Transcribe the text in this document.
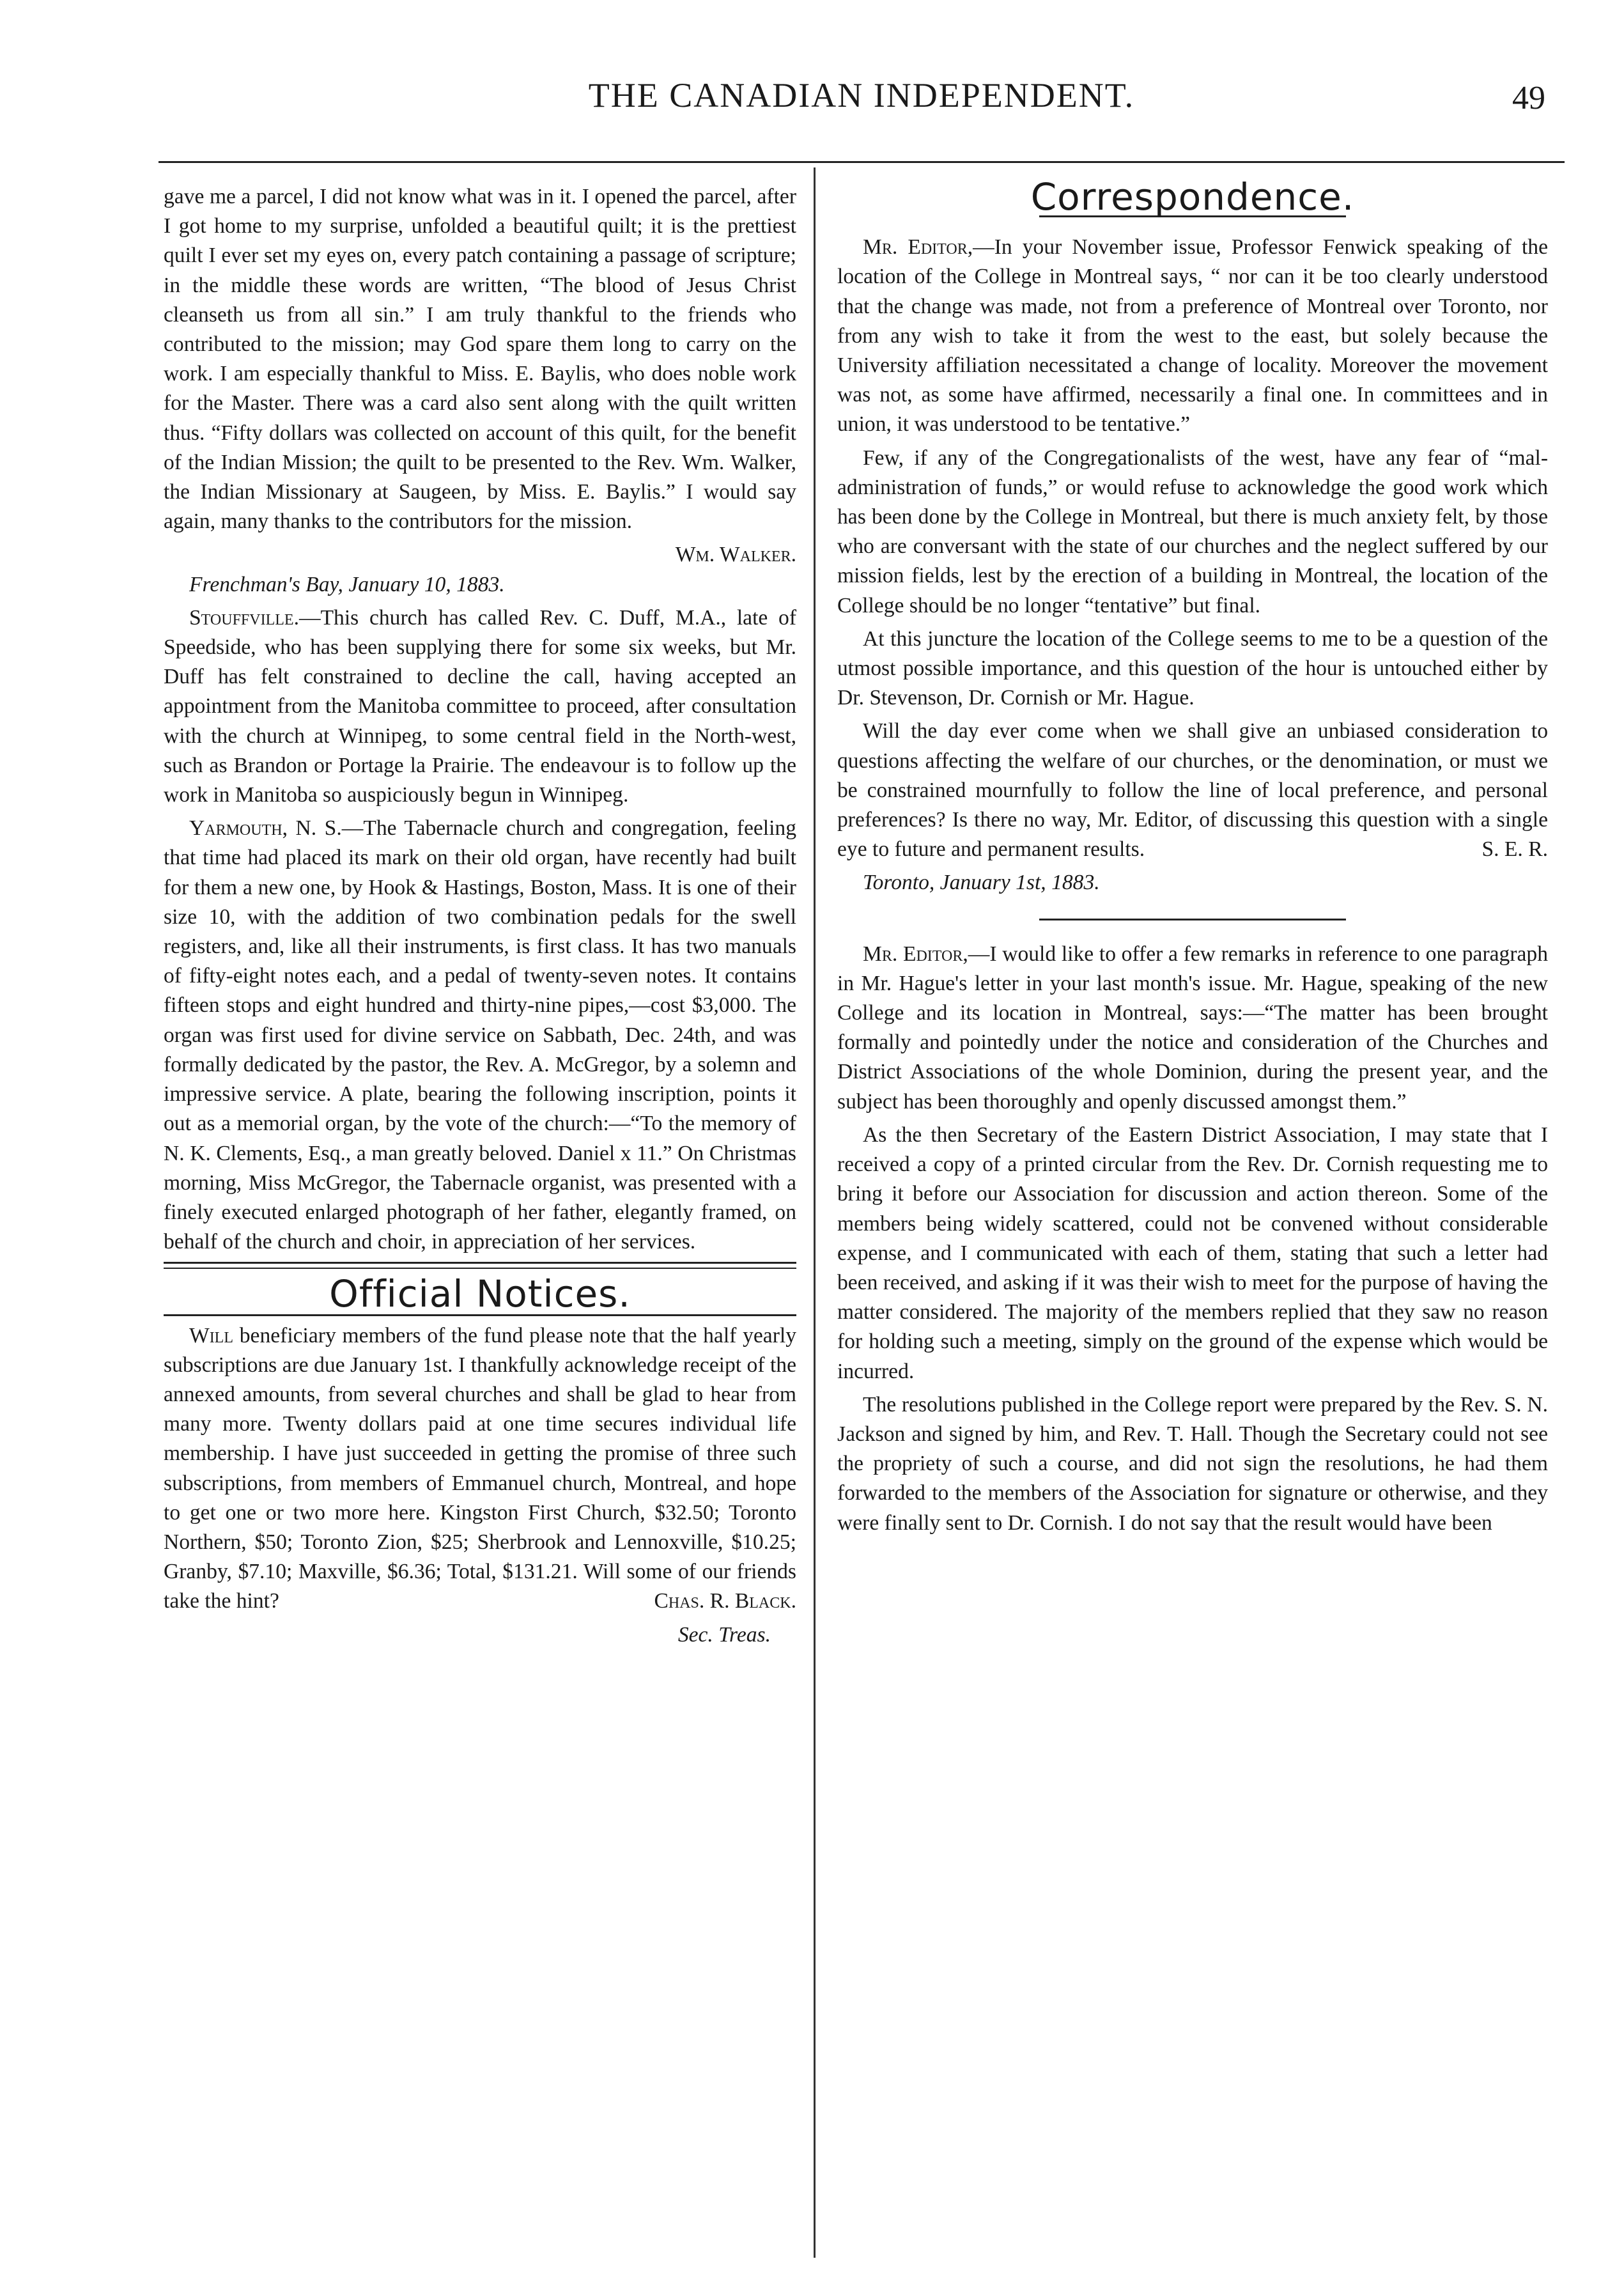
THE CANADIAN INDEPENDENT.	49

gave me a parcel, I did not know what was in it. I opened the parcel, after I got home to my surprise, unfolded a beautiful quilt; it is the prettiest quilt I ever set my eyes on, every patch containing a passage of scripture; in the middle these words are written, “The blood of Jesus Christ cleanseth us from all sin.” I am truly thankful to the friends who contributed to the mission; may God spare them long to carry on the work. I am especially thankful to Miss. E. Baylis, who does noble work for the Master. There was a card also sent along with the quilt written thus. “Fifty dollars was collected on account of this quilt, for the benefit of the Indian Mission; the quilt to be presented to the Rev. Wm. Walker, the Indian Missionary at Saugeen, by Miss. E. Baylis.” I would say again, many thanks to the contributors for the mission.

Wm. Walker.

Frenchman's Bay, January 10, 1883.

Stouffville.—This church has called Rev. C. Duff, M.A., late of Speedside, who has been supplying there for some six weeks, but Mr. Duff has felt constrained to decline the call, having accepted an appointment from the Manitoba committee to proceed, after consultation with the church at Winnipeg, to some central field in the North-west, such as Brandon or Portage la Prairie. The endeavour is to follow up the work in Manitoba so auspiciously begun in Winnipeg.

Yarmouth, N. S.—The Tabernacle church and congregation, feeling that time had placed its mark on their old organ, have recently had built for them a new one, by Hook & Hastings, Boston, Mass. It is one of their size 10, with the addition of two combination pedals for the swell registers, and, like all their instruments, is first class. It has two manuals of fifty-eight notes each, and a pedal of twenty-seven notes. It contains fifteen stops and eight hundred and thirty-nine pipes,—cost $3,000. The organ was first used for divine service on Sabbath, Dec. 24th, and was formally dedicated by the pastor, the Rev. A. McGregor, by a solemn and impressive service. A plate, bearing the following inscription, points it out as a memorial organ, by the vote of the church:—“To the memory of N. K. Clements, Esq., a man greatly beloved. Daniel x 11.” On Christmas morning, Miss McGregor, the Tabernacle organist, was presented with a finely executed enlarged photograph of her father, elegantly framed, on behalf of the church and choir, in appreciation of her services.

Official Notices.

Will beneficiary members of the fund please note that the half yearly subscriptions are due January 1st. I thankfully acknowledge receipt of the annexed amounts, from several churches and shall be glad to hear from many more. Twenty dollars paid at one time secures individual life membership. I have just succeeded in getting the promise of three such subscriptions, from members of Emmanuel church, Montreal, and hope to get one or two more here. Kingston First Church, $32.50; Toronto Northern, $50; Toronto Zion, $25; Sherbrook and Lennoxville, $10.25; Granby, $7.10; Maxville, $6.36; Total, $131.21. Will some of our friends take the hint?	Chas. R. Black.

Sec. Treas.
Correspondence.

Mr. Editor,—In your November issue, Professor Fenwick speaking of the location of the College in Montreal says, “ nor can it be too clearly understood that the change was made, not from a preference of Montreal over Toronto, nor from any wish to take it from the west to the east, but solely because the University affiliation necessitated a change of locality. Moreover the movement was not, as some have affirmed, necessarily a final one. In committees and in union, it was understood to be tentative.”

Few, if any of the Congregationalists of the west, have any fear of “mal-administration of funds,” or would refuse to acknowledge the good work which has been done by the College in Montreal, but there is much anxiety felt, by those who are conversant with the state of our churches and the neglect suffered by our mission fields, lest by the erection of a building in Montreal, the location of the College should be no longer “tentative” but final.

At this juncture the location of the College seems to me to be a question of the utmost possible importance, and this question of the hour is untouched either by Dr. Stevenson, Dr. Cornish or Mr. Hague.

Will the day ever come when we shall give an unbiased consideration to questions affecting the welfare of our churches, or the denomination, or must we be constrained mournfully to follow the line of local preference, and personal preferences? Is there no way, Mr. Editor, of discussing this question with a single eye to future and permanent results.	S. E. R.

Toronto, January 1st, 1883.

Mr. Editor,—I would like to offer a few remarks in reference to one paragraph in Mr. Hague's letter in your last month's issue. Mr. Hague, speaking of the new College and its location in Montreal, says:—“The matter has been brought formally and pointedly under the notice and consideration of the Churches and District Associations of the whole Dominion, during the present year, and the subject has been thoroughly and openly discussed amongst them.”

As the then Secretary of the Eastern District Association, I may state that I received a copy of a printed circular from the Rev. Dr. Cornish requesting me to bring it before our Association for discussion and action thereon. Some of the members being widely scattered, could not be convened without considerable expense, and I communicated with each of them, stating that such a letter had been received, and asking if it was their wish to meet for the purpose of having the matter considered. The majority of the members replied that they saw no reason for holding such a meeting, simply on the ground of the expense which would be incurred.

The resolutions published in the College report were prepared by the Rev. S. N. Jackson and signed by him, and Rev. T. Hall. Though the Secretary could not see the propriety of such a course, and did not sign the resolutions, he had them forwarded to the members of the Association for signature or otherwise, and they were finally sent to Dr. Cornish. I do not say that the result would have been
